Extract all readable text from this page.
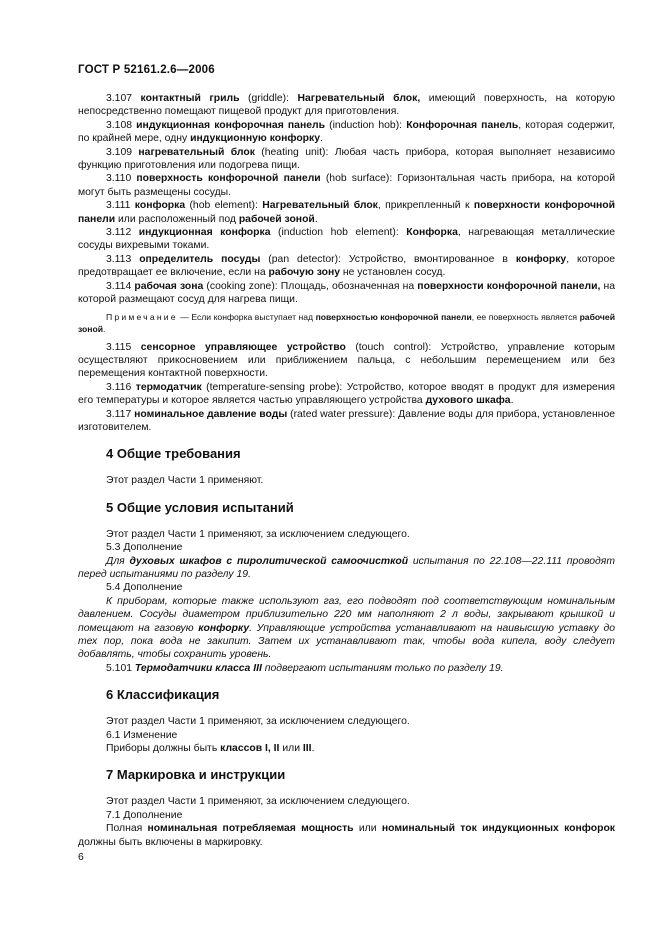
ГОСТ Р 52161.2.6—2006

3.107 контактный гриль (griddle): Нагревательный блок, имеющий поверхность, на которую непосредственно помещают пищевой продукт для приготовления.

3.108 индукционная конфорочная панель (induction hob): Конфорочная панель, которая содержит, по крайней мере, одну индукционную конфорку.

3.109 нагревательный блок (heating unit): Любая часть прибора, которая выполняет независимо функцию приготовления или подогрева пищи.

3.110 поверхность конфорочной панели (hob surface): Горизонтальная часть прибора, на которой могут быть размещены сосуды.

3.111 конфорка (hob element): Нагревательный блок, прикрепленный к поверхности конфорочной панели или расположенный под рабочей зоной.

3.112 индукционная конфорка (induction hob element): Конфорка, нагревающая металлические сосуды вихревыми токами.

3.113 определитель посуды (pan detector): Устройство, вмонтированное в конфорку, которое предотвращает ее включение, если на рабочую зону не установлен сосуд.

3.114 рабочая зона (cooking zone): Площадь, обозначенная на поверхности конфорочной панели, на которой размещают сосуд для нагрева пищи.

Примечание — Если конфорка выступает над поверхностью конфорочной панели, ее поверхность является рабочей зоной.

3.115 сенсорное управляющее устройство (touch control): Устройство, управление которым осуществляют прикосновением или приближением пальца, с небольшим перемещением или без перемещения контактной поверхности.

3.116 термодатчик (temperature-sensing probe): Устройство, которое вводят в продукт для измерения его температуры и которое является частью управляющего устройства духового шкафа.

3.117 номинальное давление воды (rated water pressure): Давление воды для прибора, установленное изготовителем.

4 Общие требования

Этот раздел Части 1 применяют.

5 Общие условия испытаний

Этот раздел Части 1 применяют, за исключением следующего.

5.3 Дополнение

Для духовых шкафов с пиролитической самоочисткой испытания по 22.108—22.111 проводят перед испытаниями по разделу 19.

5.4 Дополнение

К приборам, которые также используют газ, его подводят под соответствующим номинальным давлением. Сосуды диаметром приблизительно 220 мм наполняют 2 л воды, закрывают крышкой и помещают на газовую конфорку. Управляющие устройства устанавливают на наивысшую уставку до тех пор, пока вода не закипит. Затем их устанавливают так, чтобы вода кипела, воду следует добавлять, чтобы сохранить уровень.

5.101 Термодатчики класса III подвергают испытаниям только по разделу 19.

6 Классификация

Этот раздел Части 1 применяют, за исключением следующего.

6.1 Изменение

Приборы должны быть классов I, II или III.

7 Маркировка и инструкции

Этот раздел Части 1 применяют, за исключением следующего.

7.1 Дополнение

Полная номинальная потребляемая мощность или номинальный ток индукционных конфорок должны быть включены в маркировку.

6
